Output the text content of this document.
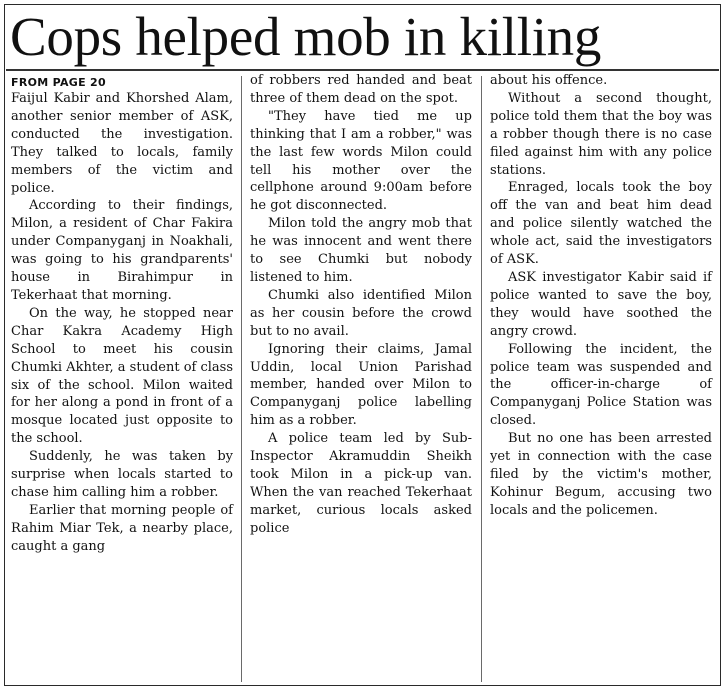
Cops helped mob in killing
FROM PAGE 20

Faijul Kabir and Khorshed Alam, another senior member of ASK, conducted the investigation. They talked to locals, family members of the victim and police.

According to their findings, Milon, a resident of Char Fakira under Companyganj in Noakhali, was going to his grandparents' house in Birahimpur in Tekerhaat that morning.

On the way, he stopped near Char Kakra Academy High School to meet his cousin Chumki Akhter, a student of class six of the school. Milon waited for her along a pond in front of a mosque located just opposite to the school.

Suddenly, he was taken by surprise when locals started to chase him calling him a robber.

Earlier that morning people of Rahim Miar Tek, a nearby place, caught a gang

of robbers red handed and beat three of them dead on the spot.

"They have tied me up thinking that I am a robber," was the last few words Milon could tell his mother over the cellphone around 9:00am before he got disconnected.

Milon told the angry mob that he was innocent and went there to see Chumki but nobody listened to him.

Chumki also identified Milon as her cousin before the crowd but to no avail.

Ignoring their claims, Jamal Uddin, local Union Parishad member, handed over Milon to Companyganj police labelling him as a robber.

A police team led by Sub-Inspector Akramuddin Sheikh took Milon in a pick-up van. When the van reached Tekerhaat market, curious locals asked police

about his offence.

Without a second thought, police told them that the boy was a robber though there is no case filed against him with any police stations.

Enraged, locals took the boy off the van and beat him dead and police silently watched the whole act, said the investigators of ASK.

ASK investigator Kabir said if police wanted to save the boy, they would have soothed the angry crowd.

Following the incident, the police team was suspended and the officer-in-charge of Companyganj Police Station was closed.

But no one has been arrested yet in connection with the case filed by the victim's mother, Kohinur Begum, accusing two locals and the policemen.
